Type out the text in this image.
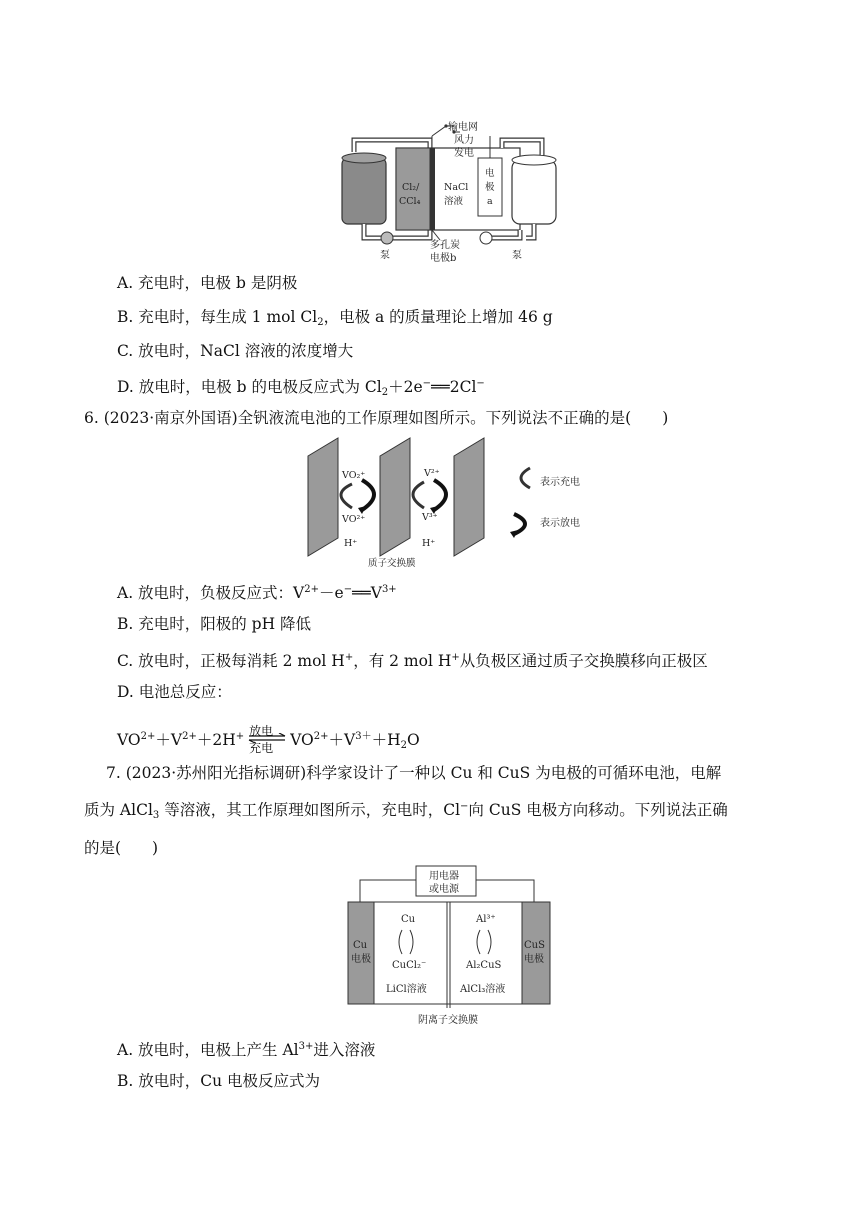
输电网
风力
发电
Cl₂/
CCl₄
NaCl
溶液
电
极
a
多孔炭
电极b
泵	泵
A. 充电时，电极 b 是阴极
B. 充电时，每生成 1 mol $Cl_2$，电极 a 的质量理论上增加 46 g
C. 放电时，NaCl 溶液的浓度增大
D. 放电时，电极 b 的电极反应式为 $Cl_2+2e^-══2Cl^-$
6. (2023·南京外国语)全钒液流电池的工作原理如图所示。下列说法不正确的是(　　)
VO₂⁺
VO²⁺
V²⁺
V³⁺
H⁺	H⁺
质子交换膜
表示充电
表示放电
A. 放电时，负极反应式：$V^{2+}-e^-══V^{3+}$
B. 充电时，阳极的 pH 降低
C. 放电时，正极每消耗 2 mol H+，有 2 mol H+从负极区通过质子交换膜移向正极区
D. 电池总反应：
$VO^{2+}+V^{2+}+2H^+$ 放电
充电 $VO^{2+}+V^{3+}+H_2O$
7. (2023·苏州阳光指标调研)科学家设计了一种以 Cu 和 CuS 为电极的可循环电池，电解
质为 AlCl$_3$ 等溶液，其工作原理如图所示，充电时，Cl−向 CuS 电极方向移动。下列说法正确
的是(　　)
用电器
或电源
Cu
电极
CuS
电极
Cu
CuCl₂⁻
LiCl溶液
Al³⁺
Al₂CuS
AlCl₃溶液
阴离子交换膜
A. 放电时，电极上产生 $Al^{3+}$进入溶液
B. 放电时，Cu 电极反应式为
